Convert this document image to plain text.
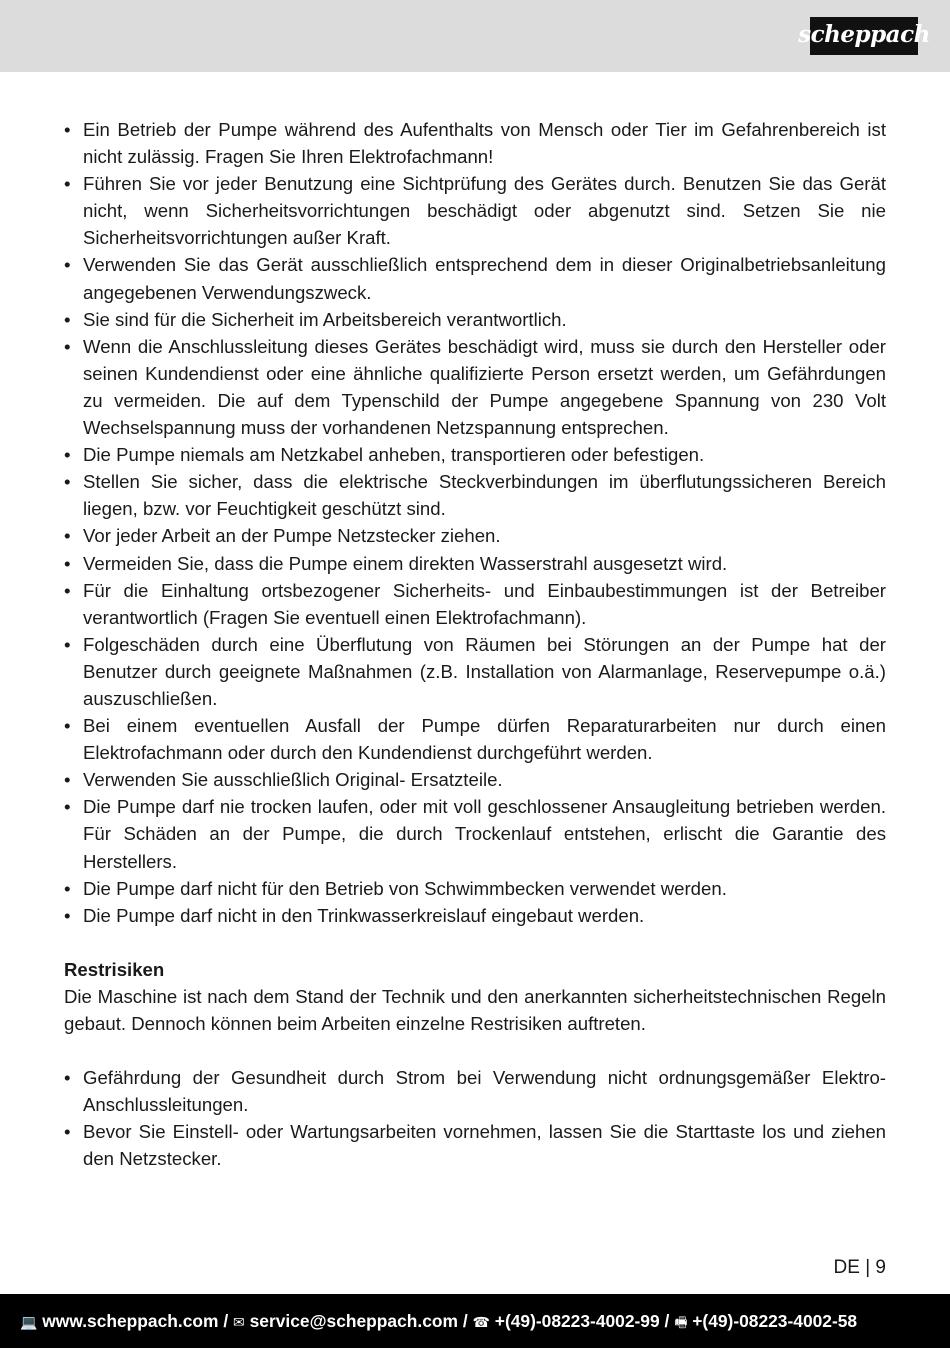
scheppach
• Ein Betrieb der Pumpe während des Aufenthalts von Mensch oder Tier im Gefahrenbereich ist nicht zulässig. Fragen Sie Ihren Elektrofachmann!
• Führen Sie vor jeder Benutzung eine Sichtprüfung des Gerätes durch. Benutzen Sie das Gerät nicht, wenn Sicherheitsvorrichtungen beschädigt oder abgenutzt sind. Setzen Sie nie Sicherheitsvorrichtungen außer Kraft.
• Verwenden Sie das Gerät ausschließlich entsprechend dem in dieser Originalbetriebsanleitung angegebenen Verwendungszweck.
• Sie sind für die Sicherheit im Arbeitsbereich verantwortlich.
• Wenn die Anschlussleitung dieses Gerätes beschädigt wird, muss sie durch den Hersteller oder seinen Kundendienst oder eine ähnliche qualifizierte Person ersetzt werden, um Gefährdungen zu vermeiden. Die auf dem Typenschild der Pumpe angegebene Spannung von 230 Volt Wechselspannung muss der vorhandenen Netzspannung entsprechen.
• Die Pumpe niemals am Netzkabel anheben, transportieren oder befestigen.
• Stellen Sie sicher, dass die elektrische Steckverbindungen im überflutungssicheren Bereich liegen, bzw. vor Feuchtigkeit geschützt sind.
• Vor jeder Arbeit an der Pumpe Netzstecker ziehen.
• Vermeiden Sie, dass die Pumpe einem direkten Wasserstrahl ausgesetzt wird.
• Für die Einhaltung ortsbezogener Sicherheits- und Einbaubestimmungen ist der Betreiber verantwortlich (Fragen Sie eventuell einen Elektrofachmann).
• Folgeschäden durch eine Überflutung von Räumen bei Störungen an der Pumpe hat der Benutzer durch geeignete Maßnahmen (z.B. Installation von Alarmanlage, Reservepumpe o.ä.) auszuschließen.
• Bei einem eventuellen Ausfall der Pumpe dürfen Reparaturarbeiten nur durch einen Elektrofachmann oder durch den Kundendienst durchgeführt werden.
• Verwenden Sie ausschließlich Original- Ersatzteile.
• Die Pumpe darf nie trocken laufen, oder mit voll geschlossener Ansaugleitung betrieben werden. Für Schäden an der Pumpe, die durch Trockenlauf entstehen, erlischt die Garantie des Herstellers.
• Die Pumpe darf nicht für den Betrieb von Schwimmbecken verwendet werden.
• Die Pumpe darf nicht in den Trinkwasserkreislauf eingebaut werden.
Restrisiken

Die Maschine ist nach dem Stand der Technik und den anerkannten sicherheitstechnischen Regeln gebaut. Dennoch können beim Arbeiten einzelne Restrisiken auftreten.

• Gefährdung der Gesundheit durch Strom bei Verwendung nicht ordnungsgemäßer Elektro-Anschlussleitungen.
• Bevor Sie Einstell- oder Wartungsarbeiten vornehmen, lassen Sie die Starttaste los und ziehen den Netzstecker.
DE | 9
💻 www.scheppach.com / ✉ service@scheppach.com / ☎ +(49)-08223-4002-99 / 🖷 +(49)-08223-4002-58
